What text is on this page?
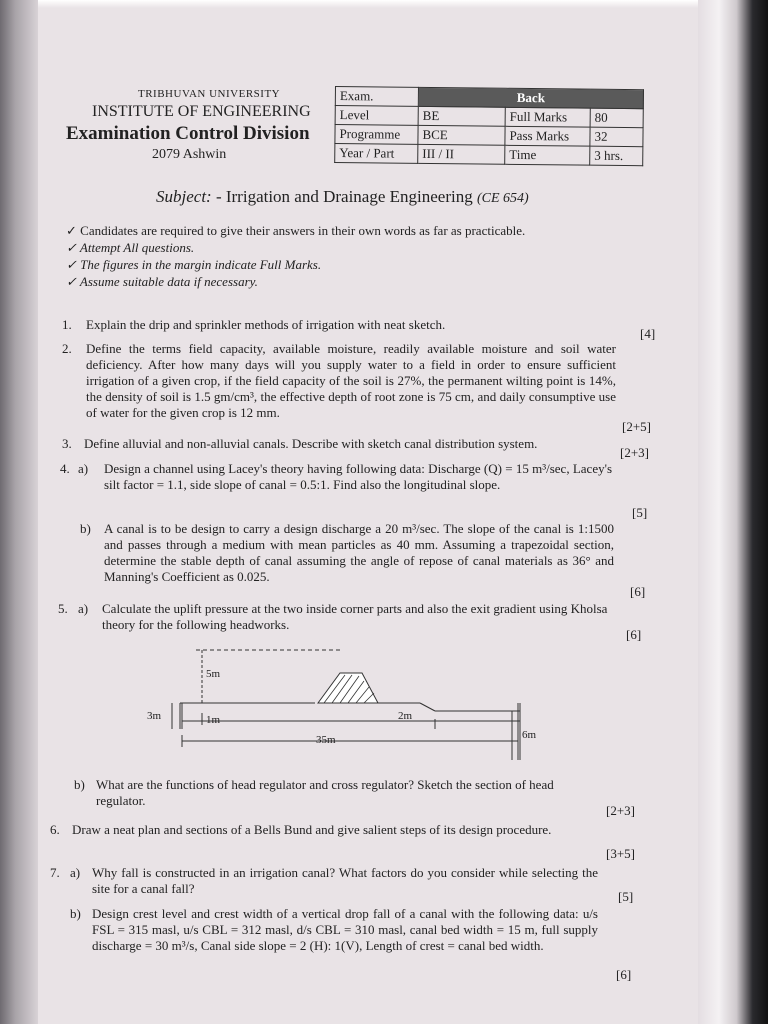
TRIBHUVAN UNIVERSITY
INSTITUTE OF ENGINEERING
Examination Control Division
2079 Ashwin
Exam.	Back		
Level	BE	Full Marks	80
Programme	BCE	Pass Marks	32
Year / Part	III / II	Time	3 hrs.
Subject: - Irrigation and Drainage Engineering (CE 654)
✓ Candidates are required to give their answers in their own words as far as practicable.
✓ Attempt All questions.
✓ The figures in the margin indicate Full Marks.
✓ Assume suitable data if necessary.
1. Explain the drip and sprinkler methods of irrigation with neat sketch.
[4]
2. Define the terms field capacity, available moisture, readily available moisture and soil water deficiency. After how many days will you supply water to a field in order to ensure sufficient irrigation of a given crop, if the field capacity of the soil is 27%, the permanent wilting point is 14%, the density of soil is 1.5 gm/cm³, the effective depth of root zone is 75 cm, and daily consumptive use of water for the given crop is 12 mm.
[2+5]
3. Define alluvial and non-alluvial canals. Describe with sketch canal distribution system.
[2+3]
4. a) Design a channel using Lacey's theory having following data: Discharge (Q) = 15 m³/sec, Lacey's silt factor = 1.1, side slope of canal = 0.5:1. Find also the longitudinal slope.
[5]
b) A canal is to be design to carry a design discharge a 20 m³/sec. The slope of the canal is 1:1500 and passes through a medium with mean particles as 40 mm. Assuming a trapezoidal section, determine the stable depth of canal assuming the angle of repose of canal materials as 36° and Manning's Coefficient as 0.025.
[6]
5. a) Calculate the uplift pressure at the two inside corner parts and also the exit gradient using Kholsa theory for the following headworks.
[6]
5m
3m	1m	2m
35m	6m
b) What are the functions of head regulator and cross regulator? Sketch the section of head regulator.
[2+3]
6. Draw a neat plan and sections of a Bells Bund and give salient steps of its design procedure.
[3+5]
7. a) Why fall is constructed in an irrigation canal? What factors do you consider while selecting the site for a canal fall?
[5]
b) Design crest level and crest width of a vertical drop fall of a canal with the following data: u/s FSL = 315 masl, u/s CBL = 312 masl, d/s CBL = 310 masl, canal bed width = 15 m, full supply discharge = 30 m³/s, Canal side slope = 2 (H): 1(V), Length of crest = canal bed width.
[6]
